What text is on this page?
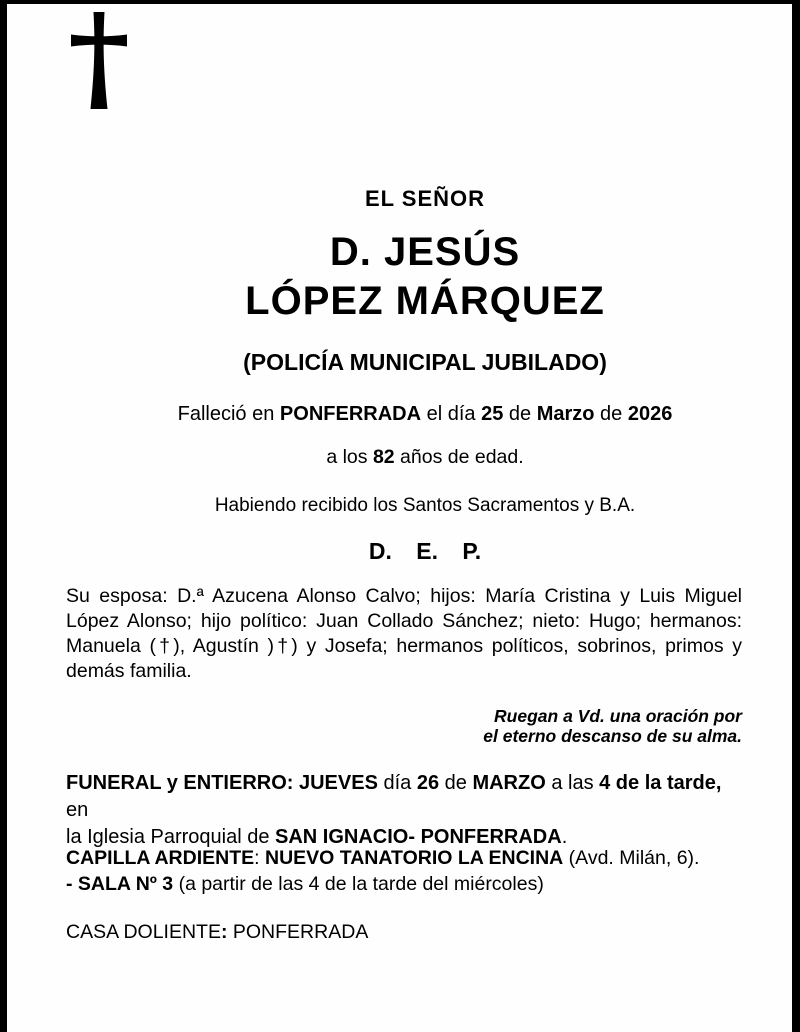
EL SEÑOR
D. JESÚS
LÓPEZ MÁRQUEZ
(POLICÍA MUNICIPAL JUBILADO)
Falleció en PONFERRADA el día 25 de Marzo de 2026
a los 82 años de edad.
Habiendo recibido los Santos Sacramentos y B.A.
D. E. P.
Su esposa: D.ª Azucena Alonso Calvo; hijos: María Cristina y Luis Miguel López Alonso; hijo político: Juan Collado Sánchez; nieto: Hugo; hermanos: Manuela (†), Agustín )†) y Josefa; hermanos políticos, sobrinos, primos y demás familia.
Ruegan a Vd. una oración por
el eterno descanso de su alma.
FUNERAL y ENTIERRO: JUEVES día 26 de MARZO a las 4 de la tarde, en
la Iglesia Parroquial de SAN IGNACIO- PONFERRADA.
CAPILLA ARDIENTE: NUEVO TANATORIO LA ENCINA (Avd. Milán, 6).
- SALA Nº 3 (a partir de las 4 de la tarde del miércoles)
CASA DOLIENTE: PONFERRADA
